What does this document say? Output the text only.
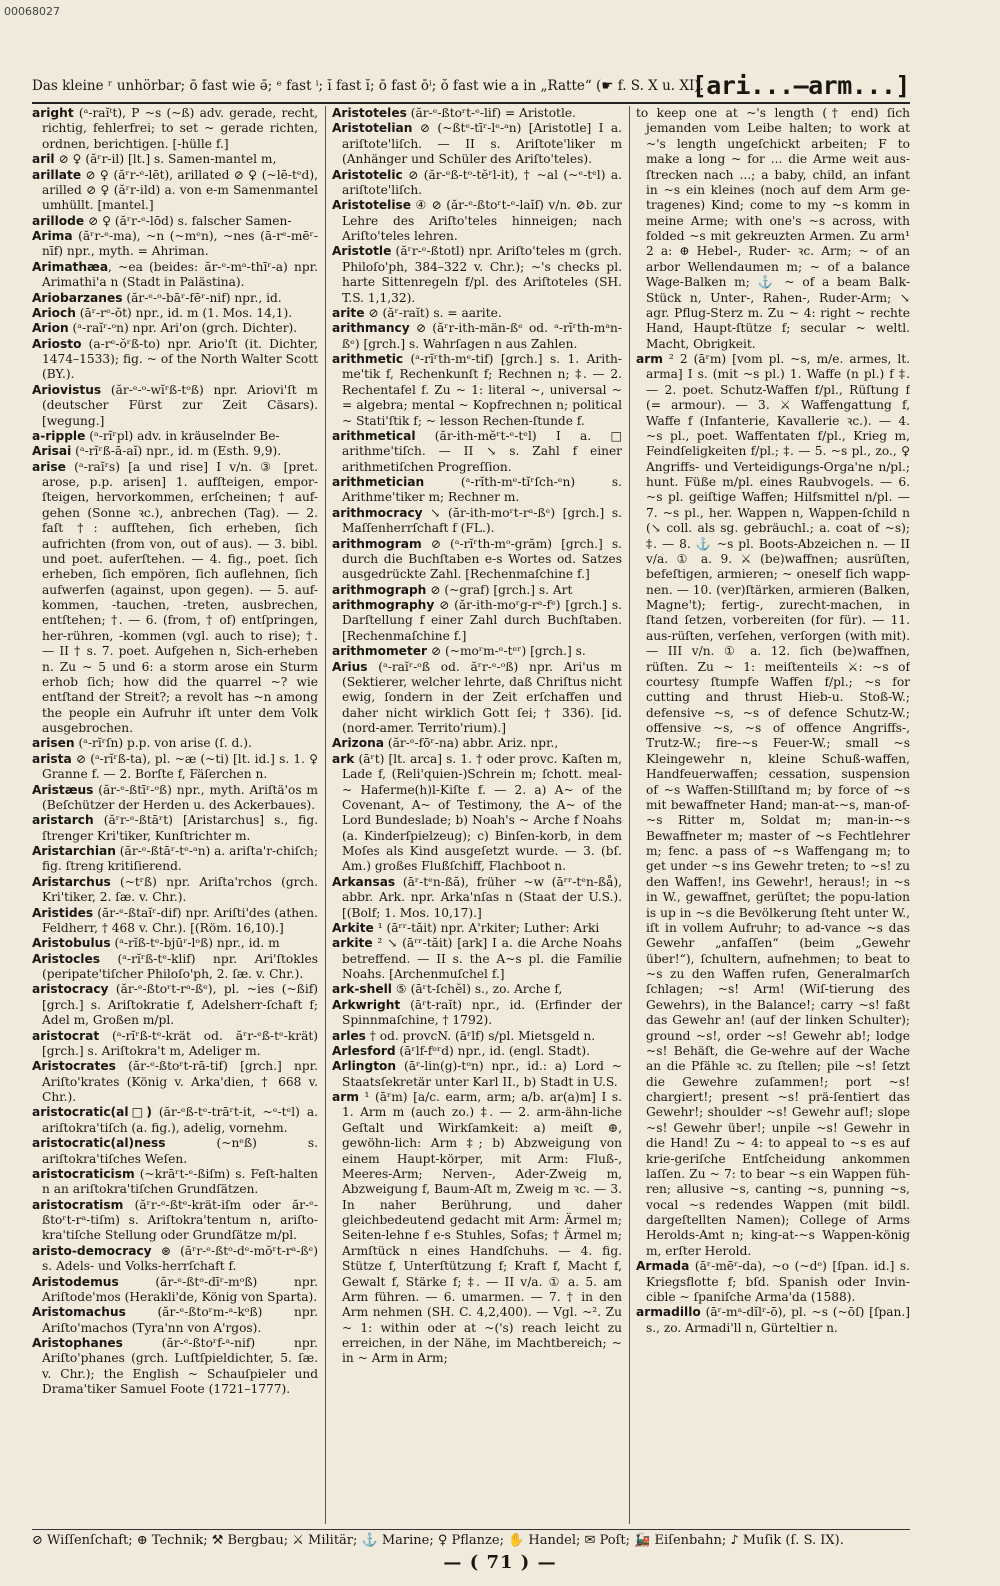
00068027
Das kleine ʳ unhörbar; ō fast wie ǝ̄; ᵉ fast ⁱ; ĭ fast ĭ; ō fast ōⁱ; ŏ fast wie a in „Ratte“ (☛ f. S. X u. XI).
[ari...—arm...]

aright (ᵃ-raĭᵗt), P ~s (~ß) adv. gerade, recht, richtig, fehlerfrei; to set ~ gerade richten, ordnen, berichtigen. [-hülle f.]

aril ⊘ ♀ (ăʳr-il) [lt.] s. Samen-mantel m,

arillate ⊘ ♀ (ăʳr-ᵉ-lēt), arillated ⊘ ♀ (~lē-tᵉd), arilled ⊘ ♀ (ăʳr-ild) a. von e-m Samenmantel umhüllt. [mantel.]

arillode ⊘ ♀ (ăʳr-ᵉ-lōd) s. falscher Samen-

Arima (ăʳr-ᵉ-ma), ~n (~mᵉn), ~nes (ā-rᵉ-mēʳ-nīf) npr., myth. = Ahriman.

Arimathæa, ~ea (beides: ăr-ᵉ-mᵃ-thīʳ-a) npr. Arimathi'a n (Stadt in Palästina).

Ariobarzanes (ăr-ᵉ-ᵒ-bāʳ-fēʳ-nif) npr., id.

Arioch (āʳ-rᵉ-ŏt) npr., id. m (1. Mos. 14,1).

Arion (ᵃ-raĭʳ-ᵒn) npr. Ari'on (grch. Dichter).

Ariosto (a-rᵉ-ŏʳß-to) npr. Ario'ſt (it. Dichter, 1474–1533); fig. ~ of the North Walter Scott (BY.).

Ariovistus (ăr-ᵉ-ᵒ-wĭʳß-tᵒß) npr. Ariovi'ſt m (deutscher Fürst zur Zeit Cäsars). [wegung.]

a-ripple (ᵃ-rĭʳpl) adv. in kräuselnder Be-

Arisai (ᵃ-rĭʳß-ā-aĭ) npr., id. m (Esth. 9,9).

arise (ᵃ-raĭʳs) [a und rise] I v/n. ③ [pret. arose, p.p. arisen] 1. aufſteigen, empor-ſteigen, hervorkommen, erſcheinen; † auf-gehen (Sonne ꝛc.), anbrechen (Tag). — 2. faſt †: aufſtehen, ſich erheben, ſich aufrichten (from von, out of aus). — 3. bibl. und poet. auferſtehen. — 4. fig., poet. ſich erheben, ſich empören, ſich auflehnen, ſich aufwerfen (against, upon gegen). — 5. auf-kommen, -tauchen, -treten, ausbrechen, entſtehen; †. — 6. (from, † of) entſpringen, her-rühren, -kommen (vgl. auch to rise); †. — II † s. 7. poet. Aufgehen n, Sich-erheben n. Zu ~ 5 und 6: a storm arose ein Sturm erhob ſich; how did the quarrel ~? wie entſtand der Streit?; a revolt has ~n among the people ein Aufruhr iſt unter dem Volk ausgebrochen.

arisen (ᵃ-rĭʳſn) p.p. von arise (ſ. d.).

arista ⊘ (ᵃ-rĭʳß-ta), pl. ~æ (~ti) [lt. id.] s. 1. ♀ Granne f. — 2. Borſte f, Fäſerchen n.

Aristæus (ăr-ᵉ-ßtīʳ-ᵒß) npr., myth. Ariſtä'os m (Beſchützer der Herden u. des Ackerbaues).

aristarch (ăʳr-ᵉ-ßtāʳt) [Aristarchus] s., fig. ſtrenger Kri'tiker, Kunſtrichter m.

Aristarchian (ăr-ᵉ-ßtāʳ-tᵉ-ᵃn) a. ariſta'r-chiſch; fig. ſtreng kritiſierend.

Aristarchus (~tʳß) npr. Ariſta'rchos (grch. Kri'tiker, 2. ſæ. v. Chr.).

Aristides (ăr-ᵉ-ßtaĭʳ-dif) npr. Ariſti'des (athen. Feldherr, † 468 v. Chr.). [(Röm. 16,10).]

Aristobulus (ᵃ-rĭß-tᵉ-bjūʳ-lᵒß) npr., id. m

Aristocles (ᵃ-rĭʳß-tᵉ-klif) npr. Ari'ſtokles (peripate'tiſcher Philoſo'ph, 2. ſæ. v. Chr.).

aristocracy (ăr-ᵉ-ßtoʳt-rᵃ-ßᵉ), pl. ~ies (~ßif) [grch.] s. Ariſtokratie f, Adelsherr-ſchaft f; Adel m, Großen m/pl.

aristocrat (ᵃ-rĭʳß-tᵉ-krät od. ăʳr-ᵉß-tᵉ-krät) [grch.] s. Ariſtokra't m, Adeliger m.

Aristocrates (ăr-ᵉ-ßtoʳt-rā-tif) [grch.] npr. Ariſto'krates (König v. Arka'dien, † 668 v. Chr.).

aristocratic(al□) (ăr-ᵉß-tᵉ-trāʳt-it, ~ᵉ-tᵉl) a. ariſtokra'tiſch (a. fig.), adelig, vornehm.

aristocratic(al)ness (~nᵉß) s. ariſtokra'tiſches Weſen.

aristocraticism (~krāʳt-ᵉ-ßiſm) s. Feſt-halten n an ariſtokra'tiſchen Grundſätzen.

aristocratism (ăʳr-ᵉ-ßtᵉ-krät-iſm oder ăr-ᵉ-ßtoʳt-rᵃ-tiſm) s. Ariſtokra'tentum n, ariſto-kra'tiſche Stellung oder Grundſätze m/pl.

aristo-democracy ⊛ (ăʳr-ᵉ-ßtᵒ-dᵉ-mŏʳt-rᵃ-ßᵉ) s. Adels- und Volks-herrſchaft f.

Aristodemus (ăr-ᵉ-ßtᵒ-dīʳ-mᵒß) npr. Ariſtode'mos (Herakli'de, König von Sparta).

Aristomachus (ăr-ᵉ-ßtoʳm-ᵃ-kᵒß) npr. Ariſto'machos (Tyra'nn von A'rgos).

Aristophanes (ăr-ᵉ-ßtoʳf-ᵃ-nif) npr. Ariſto'phanes (grch. Luſtſpieldichter, 5. ſæ. v. Chr.); the English ~ Schauſpieler und Drama'tiker Samuel Foote (1721–1777).

Aristoteles (ăr-ᵉ-ßtoʳt-ᵉ-lif) = Aristotle.

Aristotelian ⊘ (~ßtᵉ-tīʳ-lᵉ-ᵃn) [Aristotle] I a. ariſtote'liſch. — II s. Ariſtote'liker m (Anhänger und Schüler des Ariſto'teles).

Aristotelic ⊘ (ăr-ᵉß-tᵒ-tĕʳl-it), † ~al (~ᵉ-tᵉl) a. ariſtote'liſch.

Aristotelise ④ ⊘ (ăr-ᵉ-ßtoʳt-ᵉ-laĭſ) v/n. ⊘b. zur Lehre des Ariſto'teles hinneigen; nach Ariſto'teles lehren.

Aristotle (ăʳr-ᵉ-ßtotl) npr. Ariſto'teles m (grch. Philoſo'ph, 384–322 v. Chr.); ~'s checks pl. harte Sittenregeln f/pl. des Ariſtoteles (SH. T.S. 1,1,32).

arite ⊘ (ăʳ-raĭt) s. = aarite.

arithmancy ⊘ (ăʳr-ith-män-ßᵉ od. ᵃ-rĭʳth-mᵃn-ßᵉ) [grch.] s. Wahrſagen n aus Zahlen.

arithmetic (ᵃ-rĭʳth-mᵉ-tif) [grch.] s. 1. Arith-me'tik f, Rechenkunſt f; Rechnen n; ‡. — 2. Rechentafel f. Zu ~ 1: literal ~, universal ~ = algebra; mental ~ Kopfrechnen n; political ~ Stati'ſtik f; ~ lesson Rechen-ſtunde f.

arithmetical (ăr-ith-mĕʳt-ᵉ-tᵉl) I a. □ arithme'tiſch. — II ↘ s. Zahl f einer arithmetiſchen Progreſſion.

arithmetician (ᵃ-rĭth-mᵉ-tĭʳſch-ᵉn) s. Arithme'tiker m; Rechner m.

arithmocracy ↘ (ăr-ith-moʳt-rᵃ-ßᵉ) [grch.] s. Maſſenherrſchaft f (FL.).

arithmogram ⊘ (ᵃ-rĭʳth-mᵒ-grăm) [grch.] s. durch die Buchſtaben e-s Wortes od. Satzes ausgedrückte Zahl. [Rechenmaſchine f.]

arithmograph ⊘ (~graf) [grch.] s. Art

arithmography ⊘ (ăr-ith-moʳg-rᵃ-fᵉ) [grch.] s. Darſtellung f einer Zahl durch Buchſtaben. [Rechenmaſchine f.]

arithmometer ⊘ (~moʳm-ᵉ-tᵉʳ) [grch.] s.

Arius (ᵃ-raĭʳ-ᵒß od. ăʳr-ᵉ-ᵒß) npr. Ari'us m (Sektierer, welcher lehrte, daß Chriſtus nicht ewig, ſondern in der Zeit erſchaffen und daher nicht wirklich Gott ſei; † 336). [id. (nord-amer. Territo'rium).]

Arizona (ăr-ᵉ-fōʳ-na) abbr. Ariz. npr.,

ark (āʳt) [lt. arca] s. 1. † oder provc. Kaſten m, Lade f, (Reli'quien-)Schrein m; ſchott. meal-~ Haferme(h)l-Kiſte f. — 2. a) A~ of the Covenant, A~ of Testimony, the A~ of the Lord Bundeslade; b) Noah's ~ Arche f Noahs (a. Kinderſpielzeug); c) Binſen-korb, in dem Moſes als Kind ausgeſetzt wurde. — 3. (bſ. Am.) großes Flußſchiff, Flachboot n.

Arkansas (āʳ-tᵉn-ßă), früher ~w (āʳʳ-tᵉn-ßå), abbr. Ark. npr. Arka'nſas n (Staat der U.S.). [(Bolf; 1. Mos. 10,17).]

Arkite ¹ (āʳʳ-tăit) npr. A'rkiter; Luther: Arki

arkite ² ↘ (āʳʳ-tăit) [ark] I a. die Arche Noahs betreffend. — II s. the A~s pl. die Familie Noahs. [Archenmuſchel f.]

ark-shell ⑤ (āʳt-ſchĕl) s., zo. Arche f,

Arkwright (āʳt-raĭt) npr., id. (Erfinder der Spinnmaſchine, † 1792).

arles † od. provcN. (āʳlf) s/pl. Mietsgeld n.

Arlesford (āʳlf-fᵒʳd) npr., id. (engl. Stadt).

Arlington (āʳ-lin(g)-tᵒn) npr., id.: a) Lord ~ Staatsſekretär unter Karl II., b) Stadt in U.S.

arm ¹ (āʳm) [a/c. earm, arm; a/b. ar(a)m] I s. 1. Arm m (auch zo.) ‡. — 2. arm-ähn-liche Geſtalt und Wirkſamkeit: a) meiſt ⊕, gewöhn-lich: Arm ‡; b) Abzweigung von einem Haupt-körper, mit Arm: Fluß-, Meeres-Arm; Nerven-, Ader-Zweig m, Abzweigung f, Baum-Aſt m, Zweig m ꝛc. — 3. In naher Berührung, und daher gleichbedeutend gedacht mit Arm: Ärmel m; Seiten-lehne f e-s Stuhles, Sofas; † Ärmel m; Armſtück n eines Handſchuhs. — 4. fig. Stütze f, Unterſtützung f; Kraft f, Macht f, Gewalt f, Stärke f; ‡. — II v/a. ① a. 5. am Arm führen. — 6. umarmen. — 7. † in den Arm nehmen (SH. C. 4,2,400). — Vgl. ~². Zu ~ 1: within oder at ~('s) reach leicht zu erreichen, in der Nähe, im Machtbereich; ~ in ~ Arm in Arm;

to keep one at ~'s length († end) ſich jemanden vom Leibe halten; to work at ~'s length ungeſchickt arbeiten; F to make a long ~ for ... die Arme weit aus-ſtrecken nach ...; a baby, child, an infant in ~s ein kleines (noch auf dem Arm ge-tragenes) Kind; come to my ~s komm in meine Arme; with one's ~s across, with folded ~s mit gekreuzten Armen. Zu arm¹ 2 a: ⊕ Hebel-, Ruder- ꝛc. Arm; ~ of an arbor Wellendaumen m; ~ of a balance Wage-Balken m; ⚓ ~ of a beam Balk-Stück n, Unter-, Rahen-, Ruder-Arm; ↘ agr. Pflug-Sterz m. Zu ~ 4: right ~ rechte Hand, Haupt-ſtütze f; secular ~ weltl. Macht, Obrigkeit.

arm ² 2 (āʳm) [vom pl. ~s, m/e. armes, lt. arma] I s. (mit ~s pl.) 1. Waffe (n pl.) f ‡. — 2. poet. Schutz-Waffen f/pl., Rüſtung f (= armour). — 3. ⚔ Waffengattung f, Waffe f (Infanterie, Kavallerie ꝛc.). — 4. ~s pl., poet. Waffentaten f/pl., Krieg m, Feindſeligkeiten f/pl.; ‡. — 5. ~s pl., zo., ♀ Angriffs- und Verteidigungs-Orga'ne n/pl.; hunt. Füße m/pl. eines Raubvogels. — 6. ~s pl. geiſtige Waffen; Hilfsmittel n/pl. — 7. ~s pl., her. Wappen n, Wappen-ſchild n (↘ coll. als sg. gebräuchl.; a. coat of ~s); ‡. — 8. ⚓ ~s pl. Boots-Abzeichen n. — II v/a. ① a. 9. ⚔ (be)waffnen; ausrüſten, befeſtigen, armieren; ~ oneself ſich wapp-nen. — 10. (ver)ſtärken, armieren (Balken, Magne't); fertig-, zurecht-machen, in ſtand ſetzen, vorbereiten (for für). — 11. aus-rüſten, verſehen, verſorgen (with mit). — III v/n. ① a. 12. ſich (be)waffnen, rüſten. Zu ~ 1: meiſtenteils ⚔: ~s of courtesy ſtumpfe Waffen f/pl.; ~s for cutting and thrust Hieb-u. Stoß-W.; defensive ~s, ~s of defence Schutz-W.; offensive ~s, ~s of offence Angriffs-, Trutz-W.; fire-~s Feuer-W.; small ~s Kleingewehr n, kleine Schuß-waffen, Handfeuerwaffen; cessation, suspension of ~s Waffen-Stillſtand m; by force of ~s mit bewaffneter Hand; man-at-~s, man-of-~s Ritter m, Soldat m; man-in-~s Bewaffneter m; master of ~s Fechtlehrer m; fenc. a pass of ~s Waffengang m; to get under ~s ins Gewehr treten; to ~s! zu den Waffen!, ins Gewehr!, heraus!; in ~s in W., gewaffnet, gerüſtet; the popu-lation is up in ~s die Bevölkerung ſteht unter W., iſt in vollem Aufruhr; to ad-vance ~s das Gewehr „anfaſſen“ (beim „Gewehr über!“), ſchultern, aufnehmen; to beat to ~s zu den Waffen rufen, Generalmarſch ſchlagen; ~s! Arm! (Wiſ-tierung des Gewehrs), in the Balance!; carry ~s! faßt das Gewehr an! (auf der linken Schulter); ground ~s!, order ~s! Gewehr ab!; lodge ~s! Behäſt, die Ge-wehre auf der Wache an die Pfähle ꝛc. zu ſtellen; pile ~s! ſetzt die Gewehre zuſammen!; port ~s! chargiert!; present ~s! prä-ſentiert das Gewehr!; shoulder ~s! Gewehr auf!; slope ~s! Gewehr über!; unpile ~s! Gewehr in die Hand! Zu ~ 4: to appeal to ~s es auf krie-geriſche Entſcheidung ankommen laſſen. Zu ~ 7: to bear ~s ein Wappen füh-ren; allusive ~s, canting ~s, punning ~s, vocal ~s redendes Wappen (mit bildl. dargeſtellten Namen); College of Arms Herolds-Amt n; king-at-~s Wappen-könig m, erſter Herold.

Armada (āʳ-mēʳ-da), ~o (~dᵒ) [ſpan. id.] s. Kriegsflotte f; bſd. Spanish oder Invin-cible ~ ſpaniſche Arma'da (1588).

armadillo (āʳ-mᵃ-dĭlʳ-ō), pl. ~s (~ōſ) [ſpan.] s., zo. Armadi'll n, Gürteltier n.

⊘ Wiſſenſchaft; ⊕ Technik; ⚒ Bergbau; ⚔ Militär; ⚓ Marine; ♀ Pflanze; ✋ Handel; ✉ Poſt; 🚂 Eiſenbahn; ♪ Muſik (ſ. S. IX).
— ( 71 ) —
